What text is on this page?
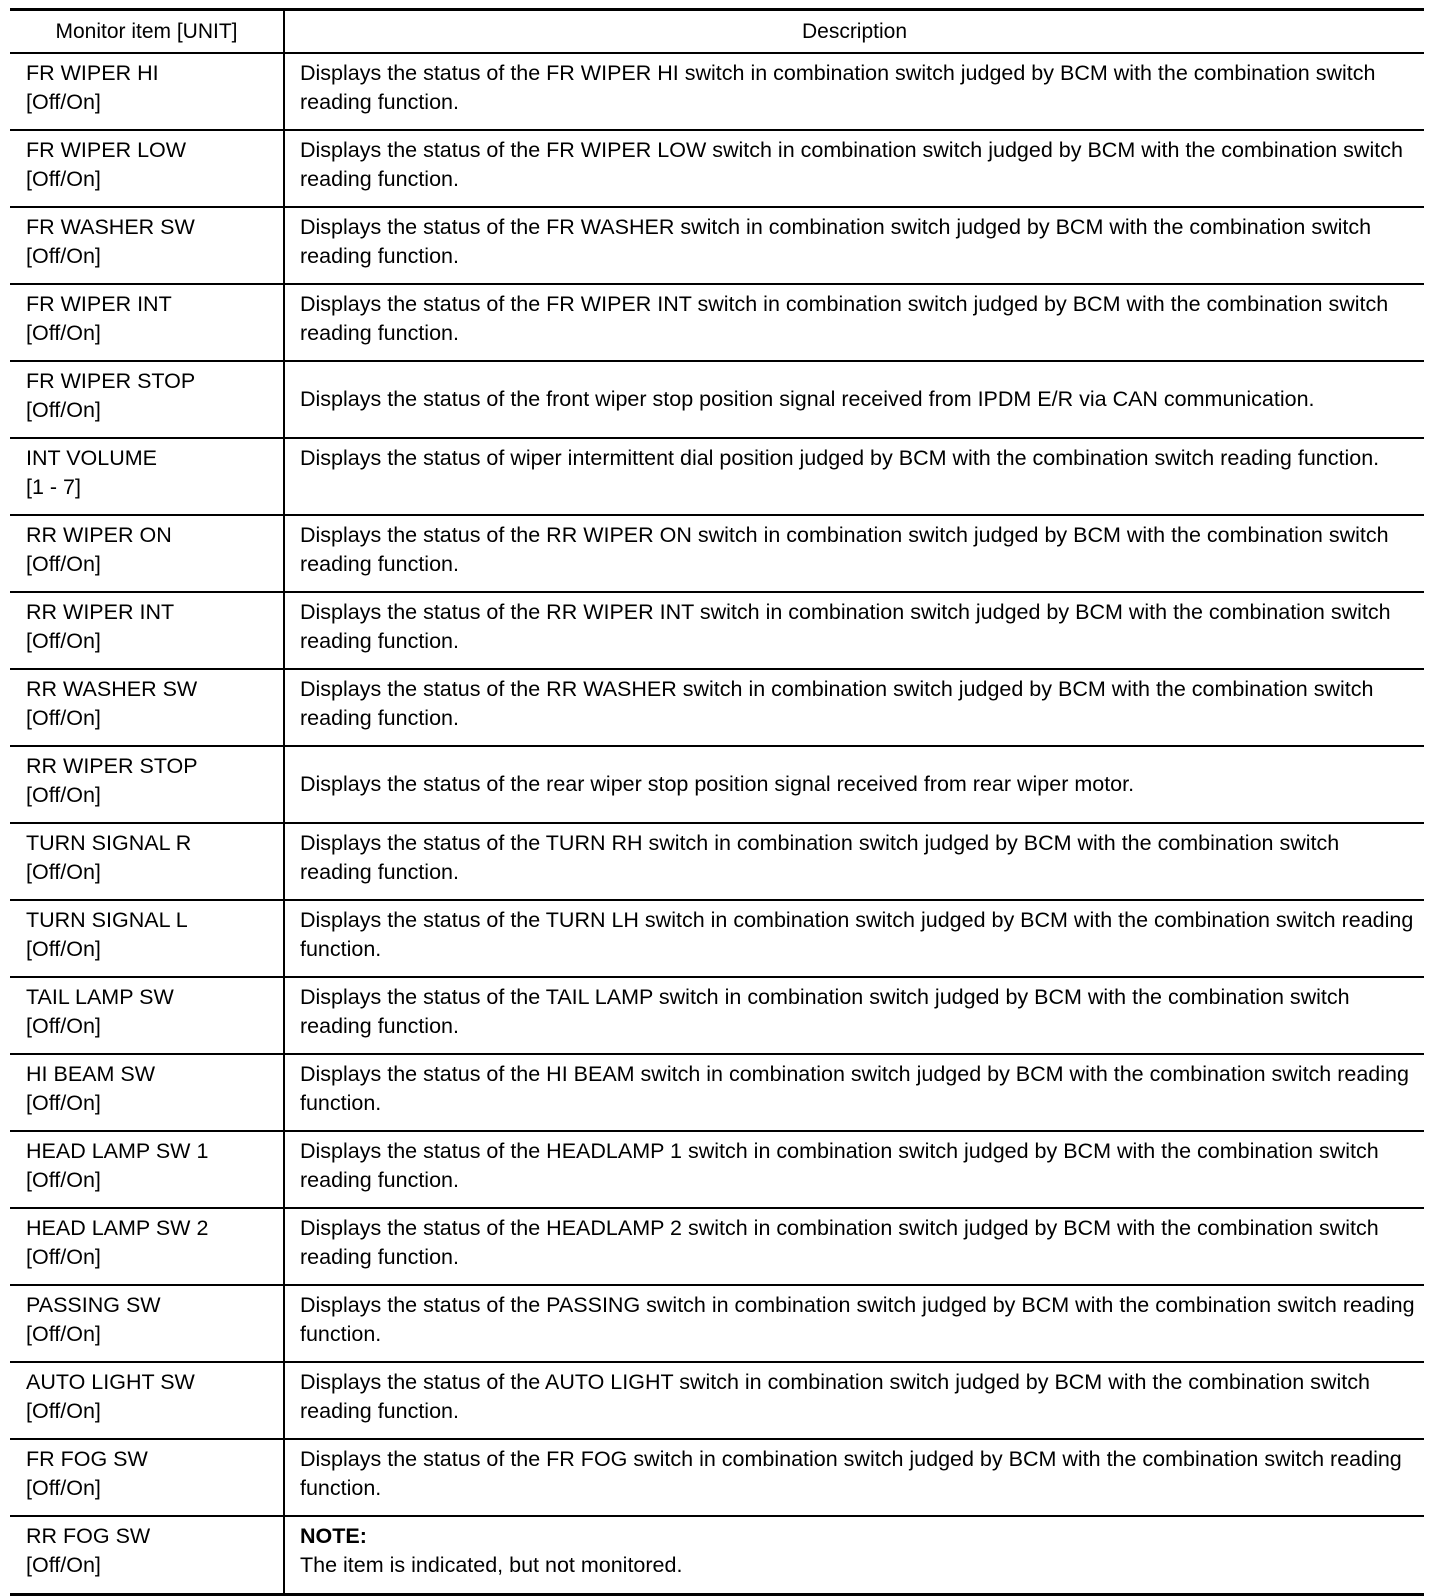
Monitor item [UNIT]	Description

FR WIPER HI
[Off/On]	Displays the status of the FR WIPER HI switch in combination switch judged by BCM with the combination switch reading function.

FR WIPER LOW
[Off/On]	Displays the status of the FR WIPER LOW switch in combination switch judged by BCM with the combination switch reading function.

FR WASHER SW
[Off/On]	Displays the status of the FR WASHER switch in combination switch judged by BCM with the combination switch reading function.

FR WIPER INT
[Off/On]	Displays the status of the FR WIPER INT switch in combination switch judged by BCM with the combination switch reading function.

FR WIPER STOP
[Off/On]	Displays the status of the front wiper stop position signal received from IPDM E/R via CAN communication.

INT VOLUME
[1 - 7]	Displays the status of wiper intermittent dial position judged by BCM with the combination switch reading function.

RR WIPER ON
[Off/On]	Displays the status of the RR WIPER ON switch in combination switch judged by BCM with the combination switch reading function.

RR WIPER INT
[Off/On]	Displays the status of the RR WIPER INT switch in combination switch judged by BCM with the combination switch reading function.

RR WASHER SW
[Off/On]	Displays the status of the RR WASHER switch in combination switch judged by BCM with the combination switch reading function.

RR WIPER STOP
[Off/On]	Displays the status of the rear wiper stop position signal received from rear wiper motor.

TURN SIGNAL R
[Off/On]	Displays the status of the TURN RH switch in combination switch judged by BCM with the combination switch reading function.

TURN SIGNAL L
[Off/On]	Displays the status of the TURN LH switch in combination switch judged by BCM with the combination switch reading function.

TAIL LAMP SW
[Off/On]	Displays the status of the TAIL LAMP switch in combination switch judged by BCM with the combination switch reading function.

HI BEAM SW
[Off/On]	Displays the status of the HI BEAM switch in combination switch judged by BCM with the combination switch reading function.

HEAD LAMP SW 1
[Off/On]	Displays the status of the HEADLAMP 1 switch in combination switch judged by BCM with the combination switch reading function.

HEAD LAMP SW 2
[Off/On]	Displays the status of the HEADLAMP 2 switch in combination switch judged by BCM with the combination switch reading function.

PASSING SW
[Off/On]	Displays the status of the PASSING switch in combination switch judged by BCM with the combination switch reading function.

AUTO LIGHT SW
[Off/On]	Displays the status of the AUTO LIGHT switch in combination switch judged by BCM with the combination switch reading function.

FR FOG SW
[Off/On]	Displays the status of the FR FOG switch in combination switch judged by BCM with the combination switch reading function.

RR FOG SW
[Off/On]	NOTE:
The item is indicated, but not monitored.
